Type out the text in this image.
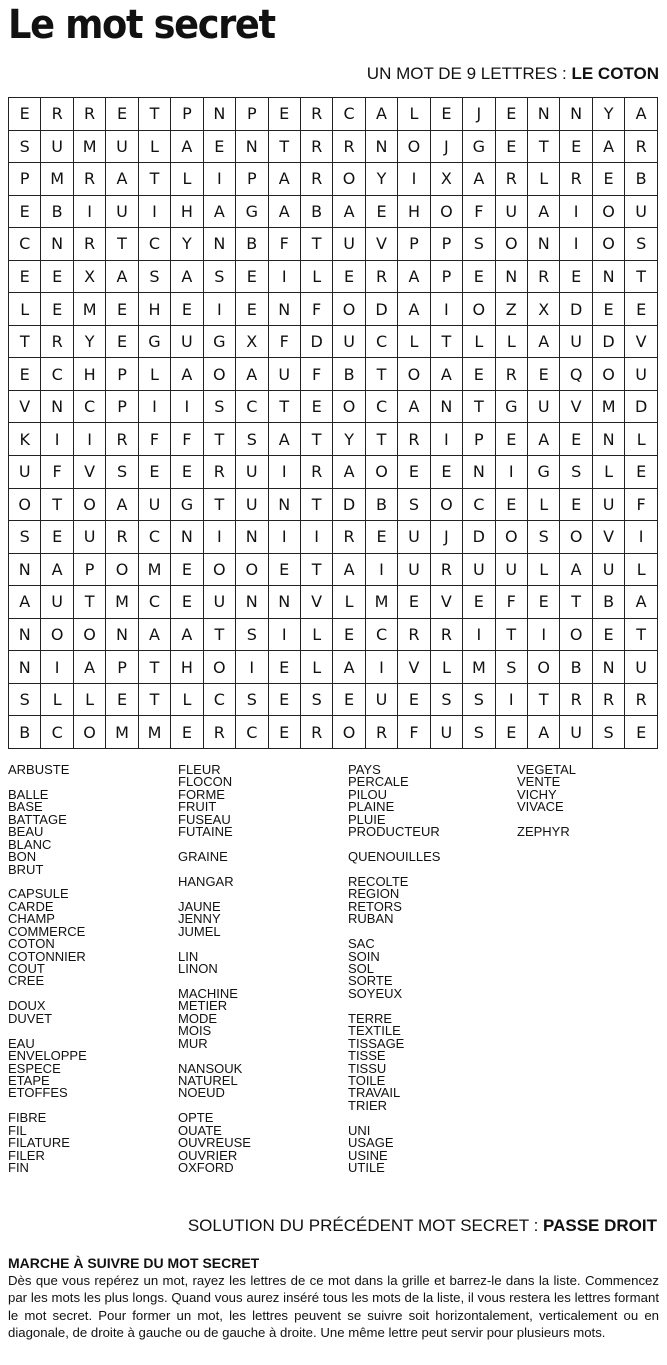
Le mot secret
UN MOT DE 9 LETTRES : LE COTON
E	R	R	E	T	P	N	P	E	R	C	A	L	E	J	E	N	N	Y	A
S	U	M	U	L	A	E	N	T	R	R	N	O	J	G	E	T	E	A	R
P	M	R	A	T	L	I	P	A	R	O	Y	I	X	A	R	L	R	E	B
E	B	I	U	I	H	A	G	A	B	A	E	H	O	F	U	A	I	O	U
C	N	R	T	C	Y	N	B	F	T	U	V	P	P	S	O	N	I	O	S
E	E	X	A	S	A	S	E	I	L	E	R	A	P	E	N	R	E	N	T
L	E	M	E	H	E	I	E	N	F	O	D	A	I	O	Z	X	D	E	E
T	R	Y	E	G	U	G	X	F	D	U	C	L	T	L	L	A	U	D	V
E	C	H	P	L	A	O	A	U	F	B	T	O	A	E	R	E	Q	O	U
V	N	C	P	I	I	S	C	T	E	O	C	A	N	T	G	U	V	M	D
K	I	I	R	F	F	T	S	A	T	Y	T	R	I	P	E	A	E	N	L
U	F	V	S	E	E	R	U	I	R	A	O	E	E	N	I	G	S	L	E
O	T	O	A	U	G	T	U	N	T	D	B	S	O	C	E	L	E	U	F
S	E	U	R	C	N	I	N	I	I	R	E	U	J	D	O	S	O	V	I
N	A	P	O	M	E	O	O	E	T	A	I	U	R	U	U	L	A	U	L
A	U	T	M	C	E	U	N	N	V	L	M	E	V	E	F	E	T	B	A
N	O	O	N	A	A	T	S	I	L	E	C	R	R	I	T	I	O	E	T
N	I	A	P	T	H	O	I	E	L	A	I	V	L	M	S	O	B	N	U
S	L	L	E	T	L	C	S	E	S	E	U	E	S	S	I	T	R	R	R
B	C	O	M	M	E	R	C	E	R	O	R	F	U	S	E	A	U	S	E
ARBUSTE
BALLE
BASE
BATTAGE
BEAU
BLANC
BON
BRUT
CAPSULE
CARDE
CHAMP
COMMERCE
COTON
COTONNIER
COUT
CREE
DOUX
DUVET
EAU
ENVELOPPE
ESPECE
ETAPE
ETOFFES
FIBRE
FIL
FILATURE
FILER
FIN
FLEUR
FLOCON
FORME
FRUIT
FUSEAU
FUTAINE
GRAINE
HANGAR
JAUNE
JENNY
JUMEL
LIN
LINON
MACHINE
METIER
MODE
MOIS
MUR
NANSOUK
NATUREL
NOEUD
OPTE
OUATE
OUVREUSE
OUVRIER
OXFORD
PAYS
PERCALE
PILOU
PLAINE
PLUIE
PRODUCTEUR
QUENOUILLES
RECOLTE
REGION
RETORS
RUBAN
SAC
SOIN
SOL
SORTE
SOYEUX
TERRE
TEXTILE
TISSAGE
TISSE
TISSU
TOILE
TRAVAIL
TRIER
UNI
USAGE
USINE
UTILE
VEGETAL
VENTE
VICHY
VIVACE
ZEPHYR
SOLUTION DU PRÉCÉDENT MOT SECRET : PASSE DROIT
MARCHE À SUIVRE DU MOT SECRET
Dès que vous repérez un mot, rayez les lettres de ce mot dans la grille et barrez-le dans la liste. Commencez par les mots les plus longs. Quand vous aurez inséré tous les mots de la liste, il vous restera les lettres formant le mot secret. Pour former un mot, les lettres peuvent se suivre soit horizontalement, verticalement ou en diagonale, de droite à gauche ou de gauche à droite. Une même lettre peut servir pour plusieurs mots.
